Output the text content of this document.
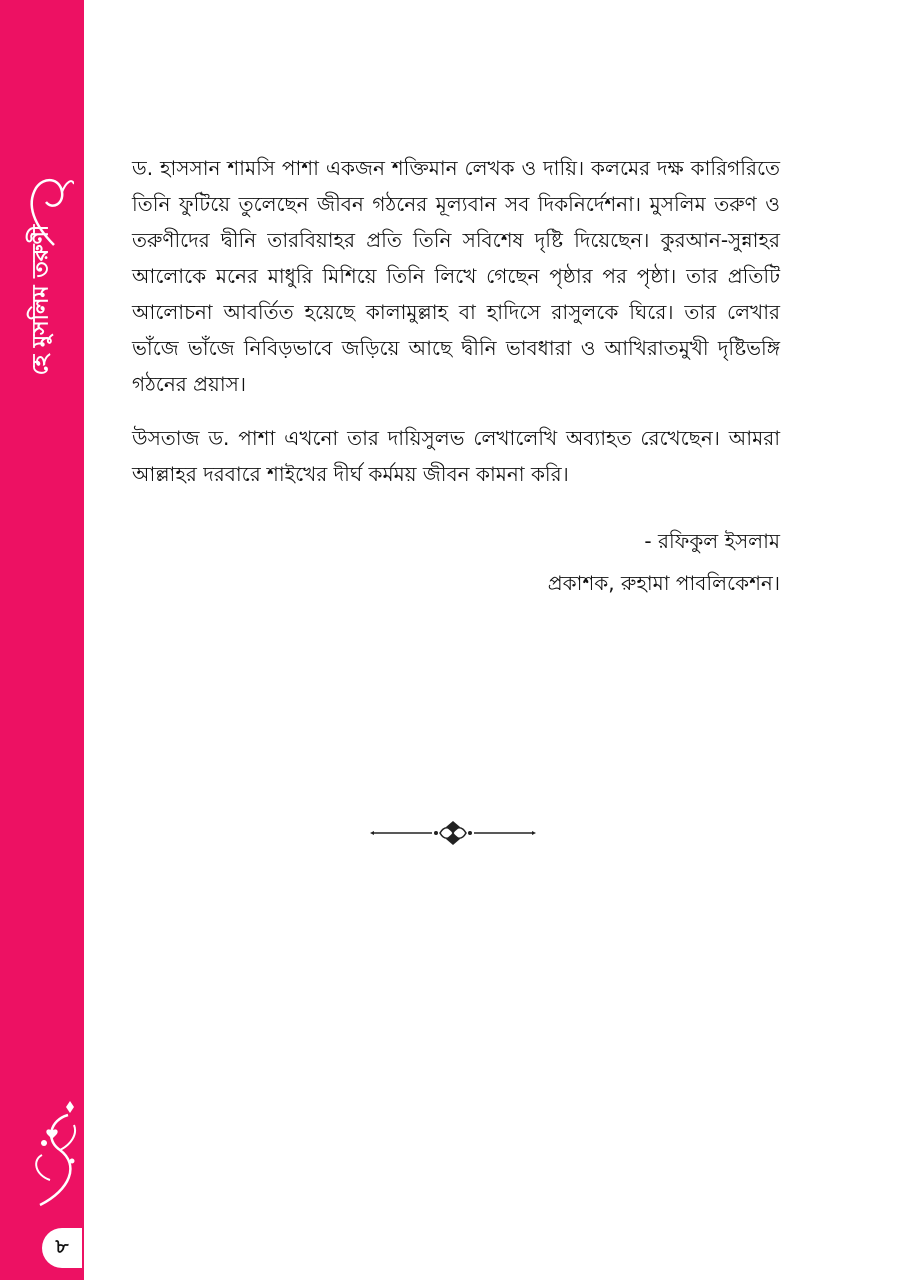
হে মুসলিম তরুণী
৮

ড. হাসসান শামসি পাশা একজন শক্তিমান লেখক ও দায়ি। কলমের দক্ষ কারিগরিতে তিনি ফুটিয়ে তুলেছেন জীবন গঠনের মূল্যবান সব দিকনির্দেশনা। মুসলিম তরুণ ও তরুণীদের দ্বীনি তারবিয়াহর প্রতি তিনি সবিশেষ দৃষ্টি দিয়েছেন। কুরআন-সুন্নাহর আলোকে মনের মাধুরি মিশিয়ে তিনি লিখে গেছেন পৃষ্ঠার পর পৃষ্ঠা। তার প্রতিটি আলোচনা আবর্তিত হয়েছে কালামুল্লাহ বা হাদিসে রাসুলকে ঘিরে। তার লেখার ভাঁজে ভাঁজে নিবিড়ভাবে জড়িয়ে আছে দ্বীনি ভাবধারা ও আখিরাতমুখী দৃষ্টিভঙ্গি গঠনের প্রয়াস।

উসতাজ ড. পাশা এখনো তার দায়িসুলভ লেখালেখি অব্যাহত রেখেছেন। আমরা আল্লাহর দরবারে শাইখের দীর্ঘ কর্মময় জীবন কামনা করি।

- রফিকুল ইসলাম
প্রকাশক, রুহামা পাবলিকেশন।
